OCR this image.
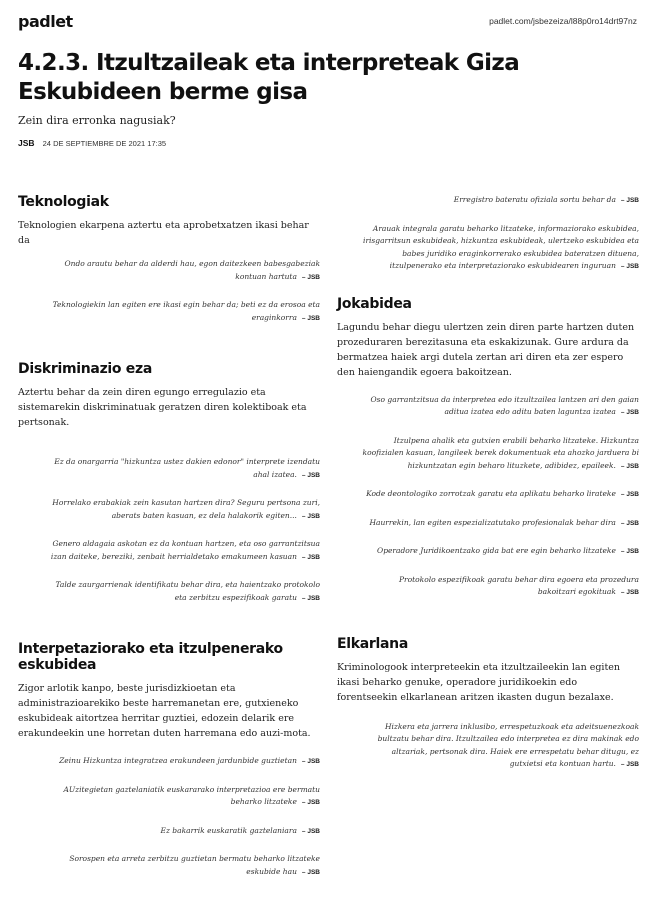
padlet	padlet.com/jsbezeiza/l88p0ro14drt97nz
4.2.3. Itzultzaileak eta interpreteak Giza Eskubideen berme gisa

Zein dira erronka nagusiak?

JSB 24 DE SEPTIEMBRE DE 2021 17:35
Teknologiak

Teknologien ekarpena aztertu eta aprobetxatzen ikasi behar da

Ondo arautu behar da alderdi hau, egon daitezkeen babesgabeziak kontuan hartuta – JSB
Teknologiekin lan egiten ere ikasi egin behar da; beti ez da erosoa eta eraginkorra – JSB
Diskriminazio eza

Aztertu behar da zein diren egungo erregulazio eta sistemarekin diskriminatuak geratzen diren kolektiboak eta pertsonak.

Ez da onargarria "hizkuntza ustez dakien edonor" interprete izendatu ahal izatea. – JSB
Horrelako erabakiak zein kasutan hartzen dira? Seguru pertsona zuri, aberats baten kasuan, ez dela halakorik egiten... – JSB
Genero aldagaia askotan ez da kontuan hartzen, eta oso garrantzitsua izan daiteke, bereziki, zenbait herrialdetako emakumeen kasuan – JSB
Talde zaurgarrienak identifikatu behar dira, eta haientzako protokolo eta zerbitzu espezifikoak garatu – JSB
Interpetaziorako eta itzulpenerako eskubidea

Zigor arlotik kanpo, beste jurisdizkioetan eta administrazioarekiko beste harremanetan ere, gutxieneko eskubideak aitortzea herritar guztiei, edozein delarik ere erakundeekin une horretan duten harremana edo auzi-mota.

Zeinu Hizkuntza integratzea erakundeen jardunbide guztietan – JSB
AUzitegietan gaztelaniatik euskararako interpretazioa ere bermatu beharko litzateke – JSB
Ez bakarrik euskaratik gaztelaniara – JSB
Sorospen eta arreta zerbitzu guztietan bermatu beharko litzateke eskubide hau – JSB
Erregistro bateratu ofiziala sortu behar da – JSB
Arauak integrala garatu beharko litzateke, informaziorako eskubidea, irisgarritsun eskubideak, hizkuntza eskubideak, ulertzeko eskubidea eta babes juridiko eraginkorrerako eskubidea bateratzen dituena, itzulpenerako eta interpretaziorako eskubidearen inguruan – JSB
Jokabidea

Lagundu behar diegu ulertzen zein diren parte hartzen duten prozeduraren berezitasuna eta eskakizunak. Gure ardura da bermatzea haiek argi dutela zertan ari diren eta zer espero den haiengandik egoera bakoitzean.

Oso garrantzitsua da interpretea edo itzultzailea lantzen ari den gaian aditua izatea edo aditu baten laguntza izatea – JSB
Itzulpena ahalik eta gutxien erabili beharko litzateke. Hizkuntza koofizialen kasuan, langileek berek dokumentuak eta ahozko jarduera bi hizkuntzatan egin beharo lituzkete, adibidez, epaileek. – JSB
Kode deontologiko zorrotzak garatu eta aplikatu beharko lirateke – JSB
Haurrekin, lan egiten espezializatutako profesionalak behar dira – JSB
Operadore Juridikoentzako gida bat ere egin beharko litzateke – JSB
Protokolo espezifikoak garatu behar dira egoera eta prozedura bakoitzari egokituak – JSB
Elkarlana

Kriminologook interpreteekin eta itzultzaileekin lan egiten ikasi beharko genuke, operadore juridikoekin edo forentseekin elkarlanean aritzen ikasten dugun bezalaxe.

Hizkera eta jarrera inklusibo, errespetuzkoak eta adeitsuenezkoak bultzatu behar dira. Itzultzailea edo interpretea ez dira makinak edo altzariak, pertsonak dira. Haiek ere errespetatu behar ditugu, ez gutxietsi eta kontuan hartu. – JSB
